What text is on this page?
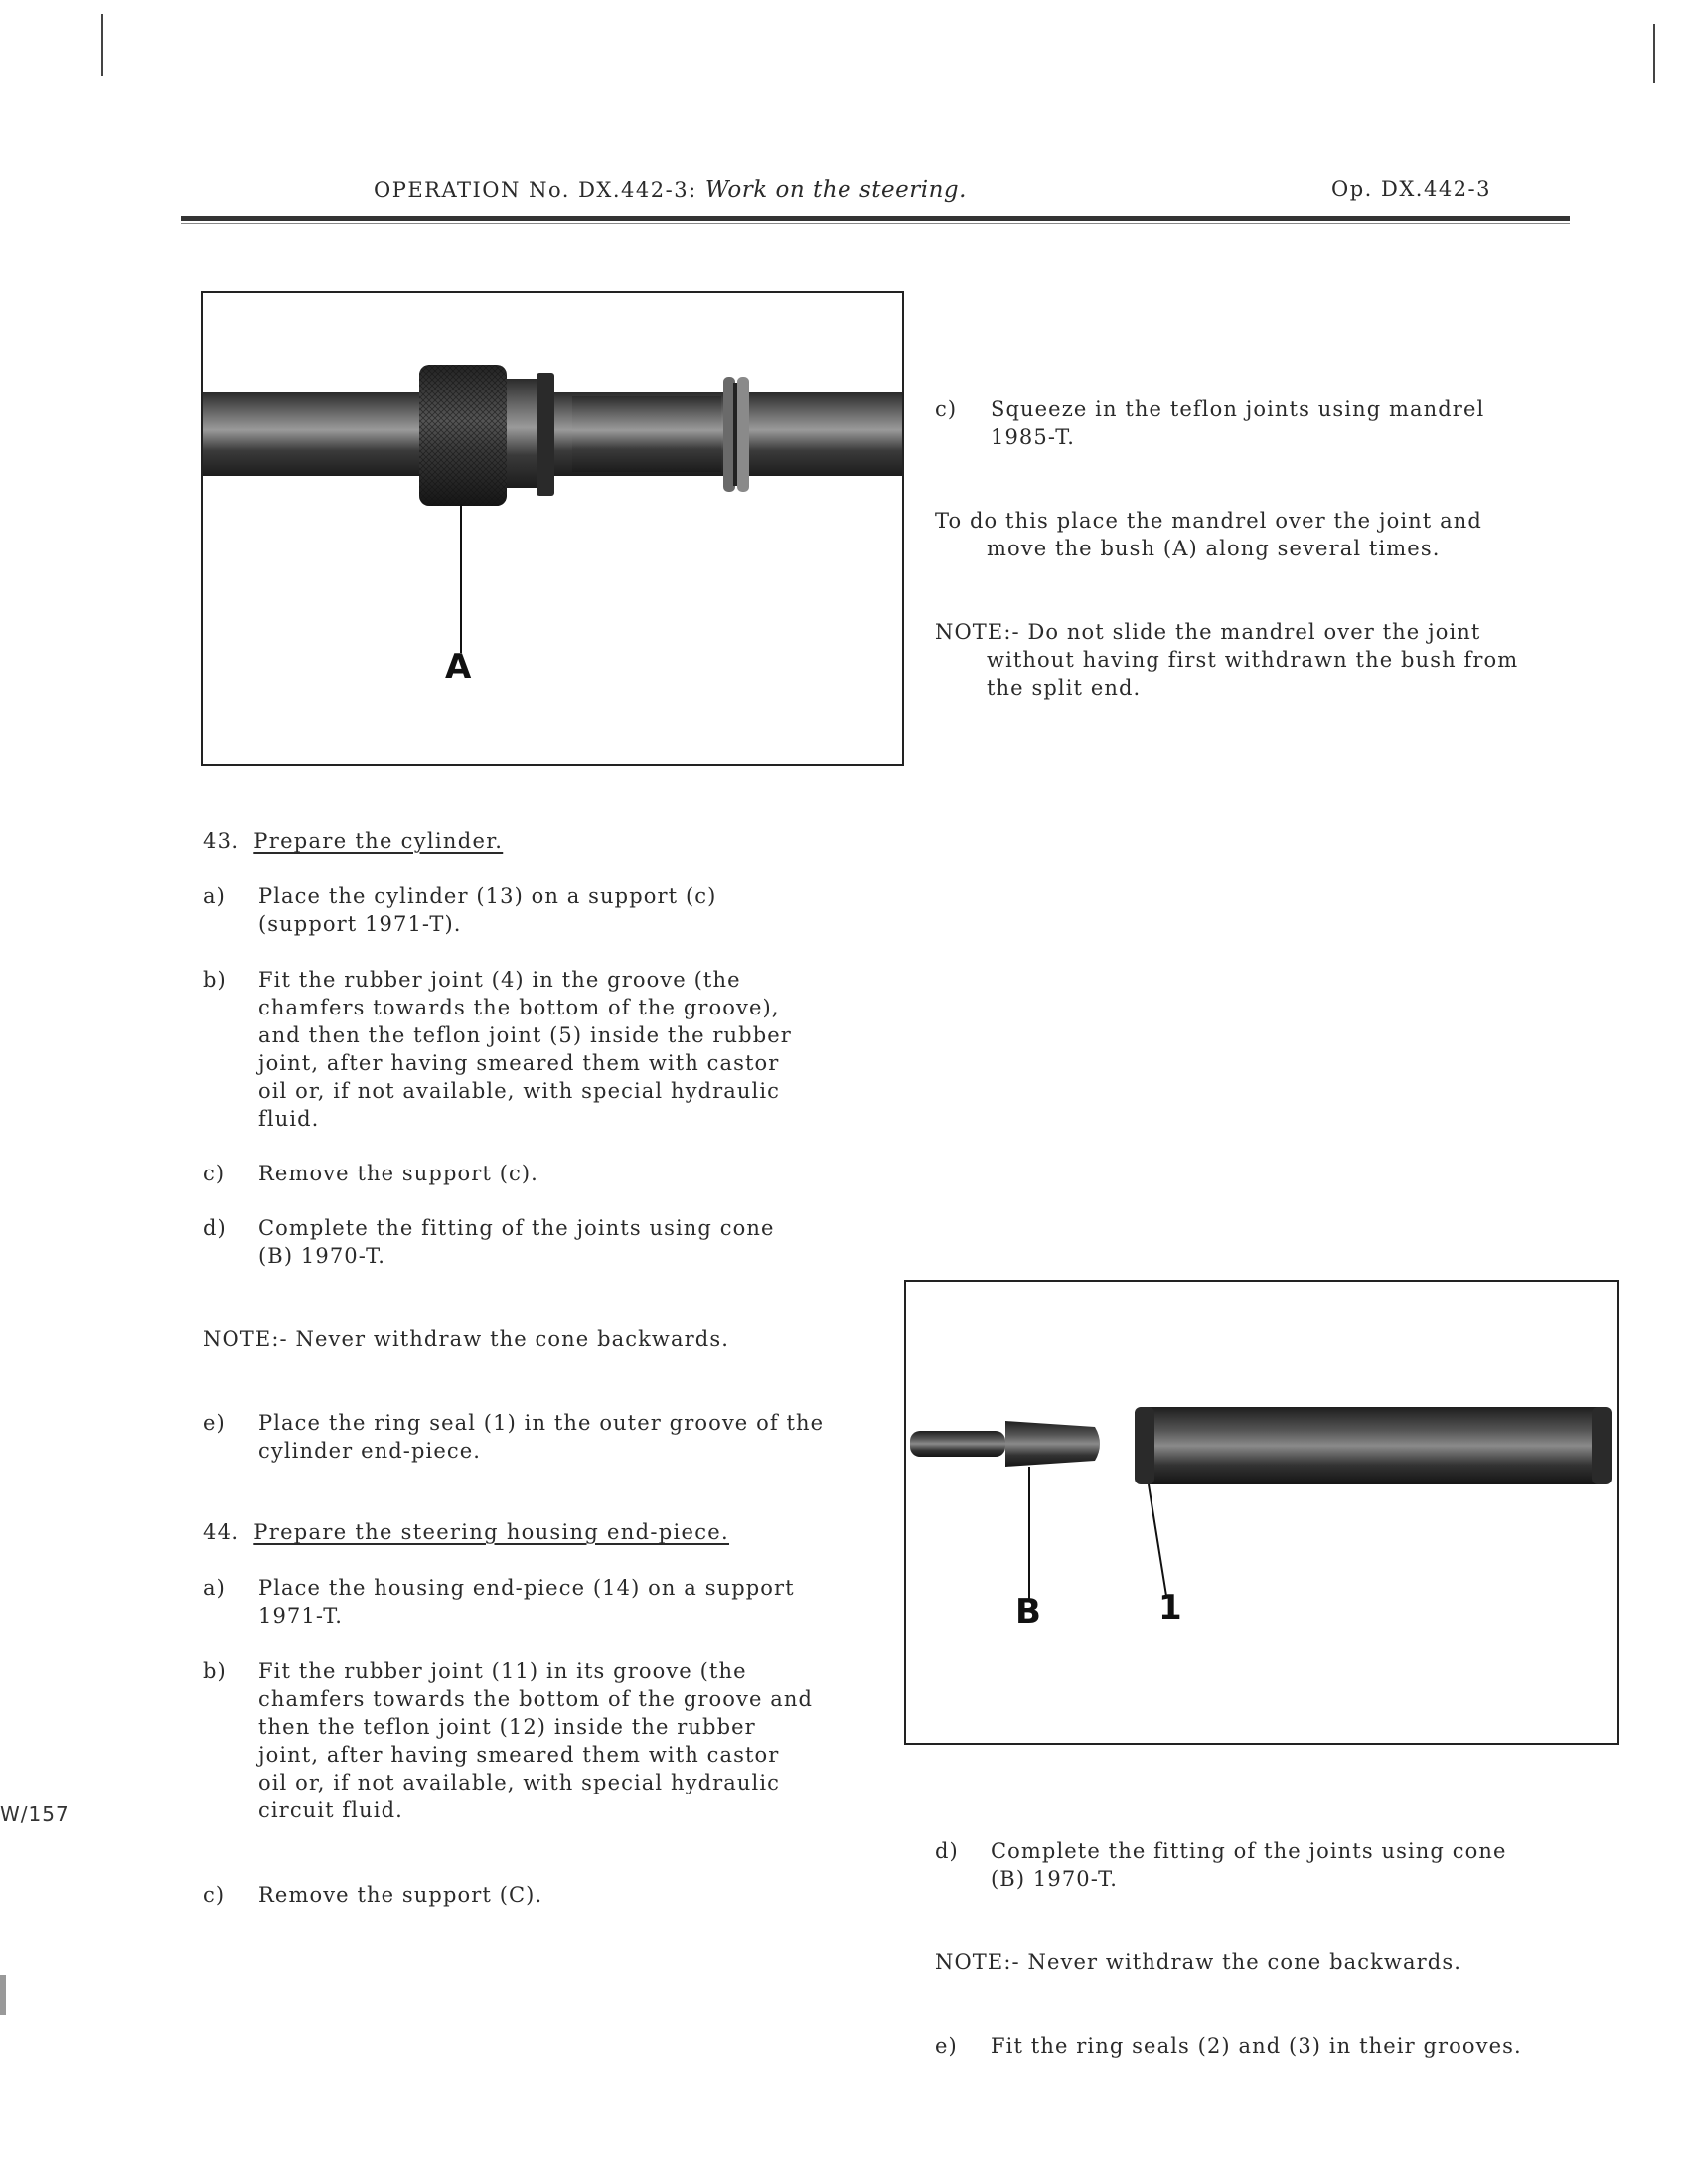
OPERATION No. DX.442-3: Work on the steering.	Op. DX.442-3
A
c) Squeeze in the teflon joints using mandrel
1985-T.
To do this place the mandrel over the joint and
move the bush (A) along several times.
NOTE:- Do not slide the mandrel over the joint
without having first withdrawn the bush from
the split end.
43. Prepare the cylinder.
a) Place the cylinder (13) on a support (c)
(support 1971-T).
b) Fit the rubber joint (4) in the groove (the
chamfers towards the bottom of the groove),
and then the teflon joint (5) inside the rubber
joint, after having smeared them with castor
oil or, if not available, with special hydraulic
fluid.
c) Remove the support (c).
d) Complete the fitting of the joints using cone
(B) 1970-T.
NOTE:- Never withdraw the cone backwards.
e) Place the ring seal (1) in the outer groove of the
cylinder end-piece.
44. Prepare the steering housing end-piece.
a) Place the housing end-piece (14) on a support
1971-T.
b) Fit the rubber joint (11) in its groove (the
chamfers towards the bottom of the groove and
then the teflon joint (12) inside the rubber
joint, after having smeared them with castor
oil or, if not available, with special hydraulic
circuit fluid.
c) Remove the support (C).
B	1
d) Complete the fitting of the joints using cone
(B) 1970-T.
NOTE:- Never withdraw the cone backwards.
e) Fit the ring seals (2) and (3) in their grooves.
W/157
